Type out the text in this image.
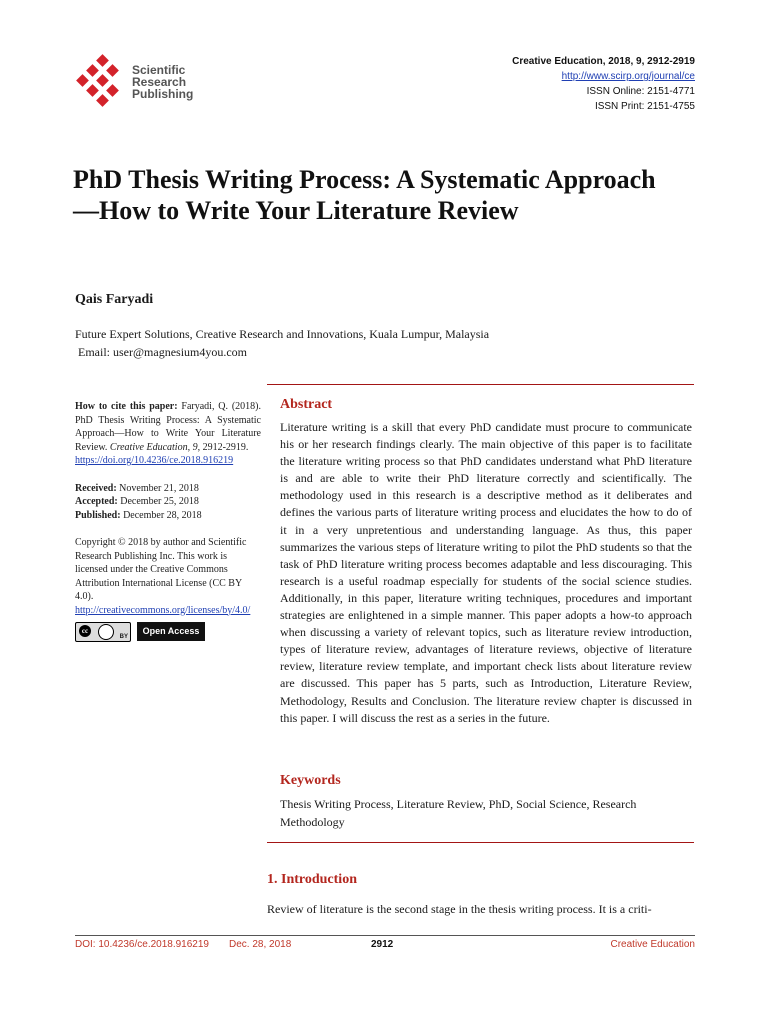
Scientific
Research
Publishing
Creative Education, 2018, 9, 2912-2919
http://www.scirp.org/journal/ce
ISSN Online: 2151-4771
ISSN Print: 2151-4755
PhD Thesis Writing Process: A Systematic Approach—How to Write Your Literature Review
Qais Faryadi
Future Expert Solutions, Creative Research and Innovations, Kuala Lumpur, Malaysia
Email: user@magnesium4you.com
How to cite this paper: Faryadi, Q. (2018). PhD Thesis Writing Process: A Systematic Approach—How to Write Your Literature Review. Creative Education, 9, 2912-2919.
https://doi.org/10.4236/ce.2018.916219
Received: November 21, 2018
Accepted: December 25, 2018
Published: December 28, 2018
Copyright © 2018 by author and Scientific Research Publishing Inc. This work is licensed under the Creative Commons Attribution International License (CC BY 4.0).
http://creativecommons.org/licenses/by/4.0/
cc
BY
Open Access
Abstract
Literature writing is a skill that every PhD candidate must procure to communicate his or her research findings clearly. The main objective of this paper is to facilitate the literature writing process so that PhD candidates understand what PhD literature is and are able to write their PhD literature correctly and scientifically. The methodology used in this research is a descriptive method as it deliberates and defines the various parts of literature writing process and elucidates the how to do of it in a very unpretentious and understanding language. As thus, this paper summarizes the various steps of literature writing to pilot the PhD students so that the task of PhD literature writing process becomes adaptable and less discouraging. This research is a useful roadmap especially for students of the social science studies. Additionally, in this paper, literature writing techniques, procedures and important strategies are enlightened in a simple manner. This paper adopts a how-to approach when discussing a variety of relevant topics, such as literature review introduction, types of literature review, advantages of literature reviews, objective of literature review, literature review template, and important check lists about literature review are discussed. This paper has 5 parts, such as Introduction, Literature Review, Methodology, Results and Conclusion. The literature review chapter is discussed in this paper. I will discuss the rest as a series in the future.
Keywords
Thesis Writing Process, Literature Review, PhD, Social Science, Research Methodology
1. Introduction
Review of literature is the second stage in the thesis writing process. It is a criti-
DOI: 10.4236/ce.2018.916219 Dec. 28, 2018	2912	Creative Education
